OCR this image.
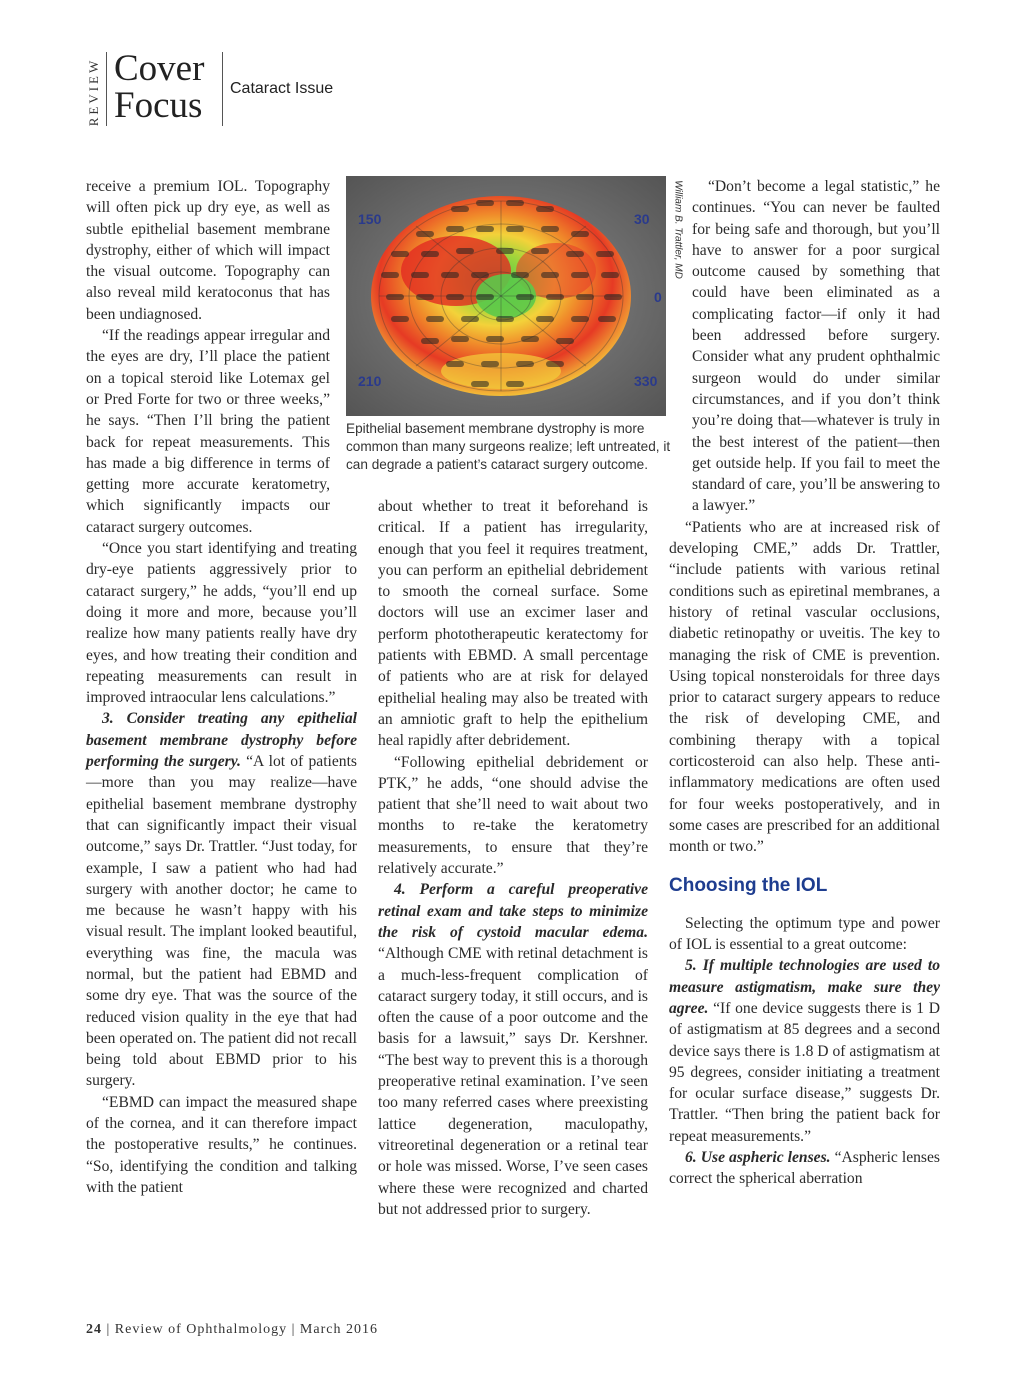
REVIEW Cover
Focus Cataract Issue

receive a premium IOL. Topography will often pick up dry eye, as well as subtle epithelial basement membrane dystrophy, either of which will impact the visual outcome. Topography can also reveal mild keratoconus that has been undiagnosed.

“If the readings appear irregular and the eyes are dry, I’ll place the patient on a topical steroid like Lotemax gel or Pred Forte for two or three weeks,” he says. “Then I’ll bring the patient back for repeat measurements. This has made a big difference in terms of getting more accurate keratometry, which significantly impacts our cataract surgery outcomes.

“Once you start identifying and treating dry-eye patients aggressively prior to cataract surgery,” he adds, “you’ll end up doing it more and more, because you’ll realize how many patients really have dry eyes, and how treating their condition and repeating measurements can result in improved intraocular lens calculations.”

3. Consider treating any epithelial basement membrane dystrophy before performing the surgery. “A lot of patients—more than you may realize—have epithelial basement membrane dystrophy that can significantly impact their visual outcome,” says Dr. Trattler. “Just today, for example, I saw a patient who had had surgery with another doctor; he came to me because he wasn’t happy with his visual result. The implant looked beautiful, everything was fine, the macula was normal, but the patient had EBMD and some dry eye. That was the source of the reduced vision quality in the eye that had been operated on. The patient did not recall being told about EBMD prior to his surgery.

“EBMD can impact the measured shape of the cornea, and it can therefore impact the postoperative results,” he continues. “So, identifying the condition and talking with the patient

150	30
0
210	330
William B. Trattler, MD
Epithelial basement membrane dystrophy is more common than many surgeons realize; left untreated, it can degrade a patient’s cataract surgery outcome.

about whether to treat it beforehand is critical. If a patient has irregularity, enough that you feel it requires treatment, you can perform an epithelial debridement to smooth the corneal surface. Some doctors will use an excimer laser and perform phototherapeutic keratectomy for patients with EBMD. A small percentage of patients who are at risk for delayed epithelial healing may also be treated with an amniotic graft to help the epithelium heal rapidly after debridement.

“Following epithelial debridement or PTK,” he adds, “one should advise the patient that she’ll need to wait about two months to re-take the keratometry measurements, to ensure that they’re relatively accurate.”

4. Perform a careful preoperative retinal exam and take steps to minimize the risk of cystoid macular edema. “Although CME with retinal detachment is a much-less-frequent complication of cataract surgery today, it still occurs, and is often the cause of a poor outcome and the basis for a lawsuit,” says Dr. Kershner. “The best way to prevent this is a thorough preoperative retinal examination. I’ve seen too many referred cases where preexisting lattice degeneration, maculopathy, vitreoretinal degeneration or a retinal tear or hole was missed. Worse, I’ve seen cases where these were recognized and charted but not addressed prior to surgery.

“Don’t become a legal statistic,” he continues. “You can never be faulted for being safe and thorough, but you’ll have to answer for a poor surgical outcome caused by something that could have been eliminated as a complicating factor—if only it had been addressed before surgery. Consider what any prudent ophthalmic surgeon would do under similar circumstances, and if you don’t think you’re doing that—whatever is truly in the best interest of the patient—then get outside help. If you fail to meet the standard of care, you’ll be answering to a lawyer.”

“Patients who are at increased risk of developing CME,” adds Dr. Trattler, “include patients with various retinal conditions such as epiretinal membranes, a history of retinal vascular occlusions, diabetic retinopathy or uveitis. The key to managing the risk of CME is prevention. Using topical nonsteroidals for three days prior to cataract surgery appears to reduce the risk of developing CME, and combining therapy with a topical corticosteroid can also help. These anti-inflammatory medications are often used for four weeks postoperatively, and in some cases are prescribed for an additional month or two.”

Choosing the IOL

Selecting the optimum type and power of IOL is essential to a great outcome:

5. If multiple technologies are used to measure astigmatism, make sure they agree. “If one device suggests there is 1 D of astigmatism at 85 degrees and a second device says there is 1.8 D of astigmatism at 95 degrees, consider initiating a treatment for ocular surface disease,” suggests Dr. Trattler. “Then bring the patient back for repeat measurements.”

6. Use aspheric lenses. “Aspheric lenses correct the spherical aberration

24 | Review of Ophthalmology | March 2016
